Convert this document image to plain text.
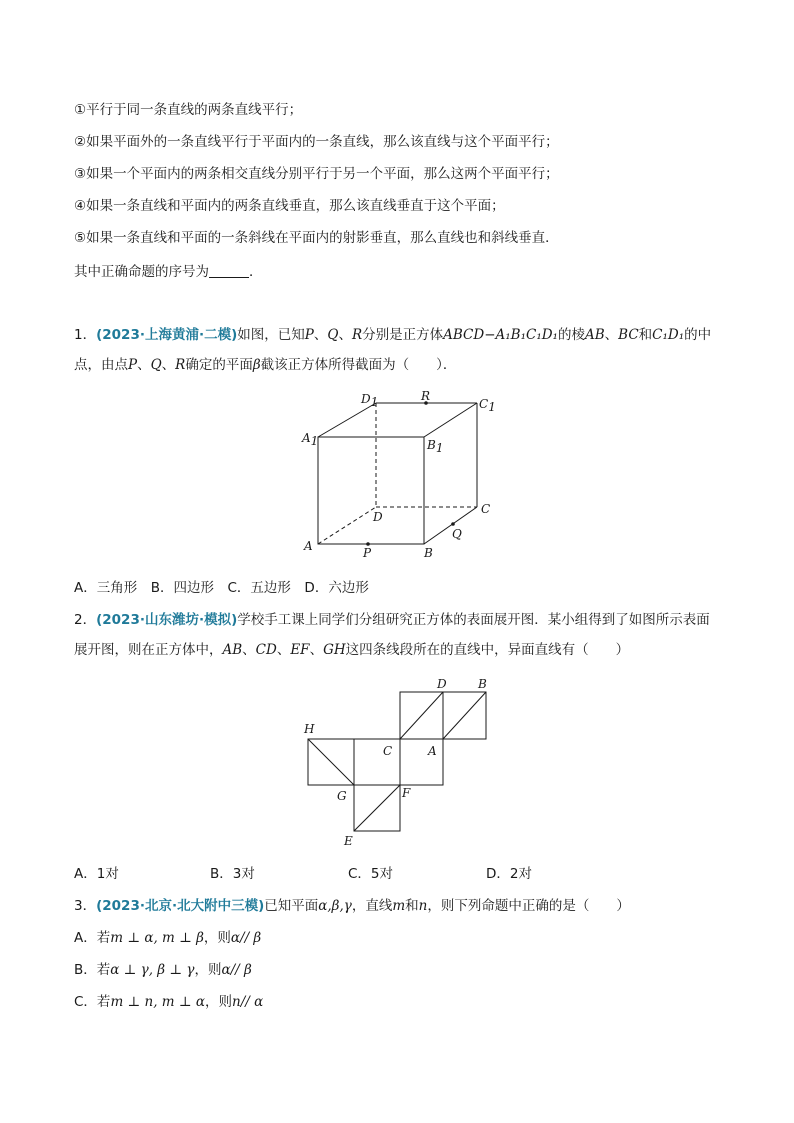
①平行于同一条直线的两条直线平行；
②如果平面外的一条直线平行于平面内的一条直线，那么该直线与这个平面平行；
③如果一个平面内的两条相交直线分别平行于另一个平面，那么这两个平面平行；
④如果一条直线和平面内的两条直线垂直，那么该直线垂直于这个平面；
⑤如果一条直线和平面的一条斜线在平面内的射影垂直，那么直线也和斜线垂直．
其中正确命题的序号为	．
1．(2023·上海黄浦·二模)如图，已知P、Q、R分别是正方体ABCD−A₁B₁C₁D₁的棱AB、BC和C₁D₁的中
点，由点P、Q、R确定的平面β截该正方体所得截面为（　　）．
D1	R
C1
A1	B1
D
C
A	P	B
Q
D	B
H
C	A
G	F
E
A．三角形　B．四边形　C．五边形　D．六边形
2．(2023·山东潍坊·模拟)学校手工课上同学们分组研究正方体的表面展开图．某小组得到了如图所示表面
展开图，则在正方体中，AB、CD、EF、GH这四条线段所在的直线中，异面直线有（　　）
A．1对	B．3对	C．5对	D．2对
3．(2023·北京·北大附中三模)已知平面α,β,γ，直线m和n，则下列命题中正确的是（　　）
A．若m ⊥ α, m ⊥ β，则α// β
B．若α ⊥ γ, β ⊥ γ，则α// β
C．若m ⊥ n, m ⊥ α，则n// α
